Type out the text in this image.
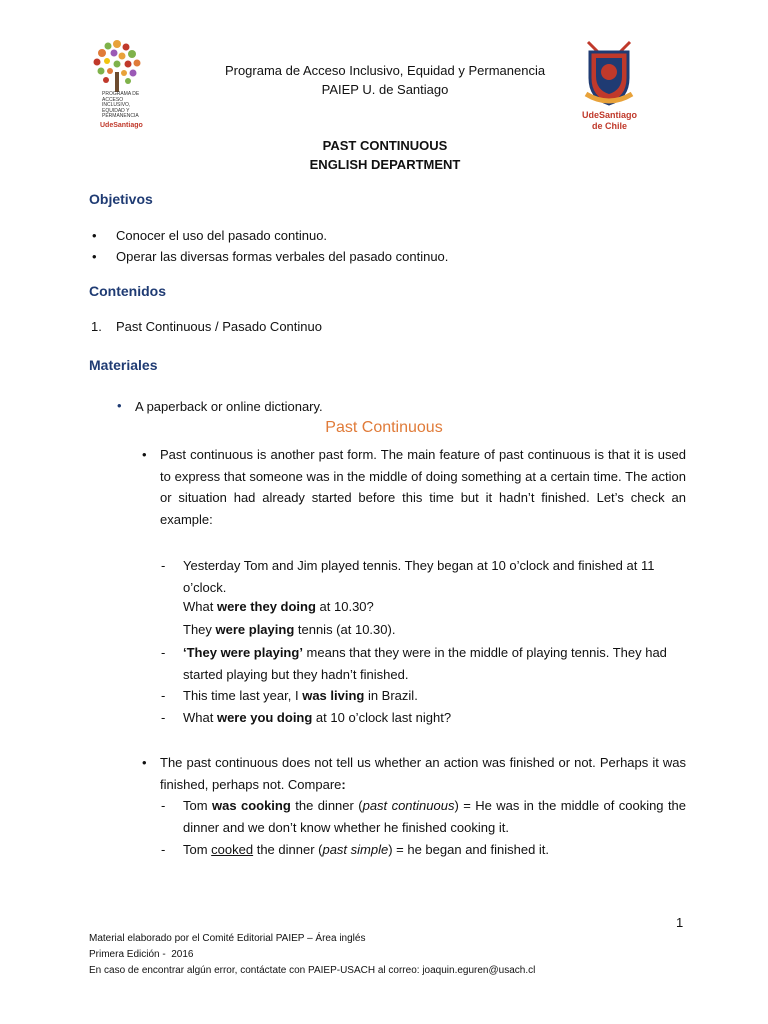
PROGRAMA DE
ACCESO
INCLUSIVO,
EQUIDAD Y
PERMANENCIA
UdeSantiago
Programa de Acceso Inclusivo, Equidad y Permanencia
PAIEP U. de Santiago
UdeSantiago
de Chile
PAST CONTINUOUS
ENGLISH DEPARTMENT
Objetivos
• Conocer el uso del pasado continuo.
• Operar las diversas formas verbales del pasado continuo.
Contenidos
1. Past Continuous / Pasado Continuo
Materiales
• A paperback or online dictionary.
Past Continuous
• Past continuous is another past form. The main feature of past continuous is that it is used to express that someone was in the middle of doing something at a certain time. The action or situation had already started before this time but it hadn’t finished. Let’s check an example:
- Yesterday Tom and Jim played tennis. They began at 10 o’clock and finished at 11 o’clock.
What were they doing at 10.30?
They were playing tennis (at 10.30).
- ‘They were playing’ means that they were in the middle of playing tennis. They had started playing but they hadn’t finished.
- This time last year, I was living in Brazil.
- What were you doing at 10 o’clock last night?
• The past continuous does not tell us whether an action was finished or not. Perhaps it was finished, perhaps not. Compare:
- Tom was cooking the dinner (past continuous) = He was in the middle of cooking the dinner and we don’t know whether he finished cooking it.
- Tom cooked the dinner (past simple) = he began and finished it.
1
Material elaborado por el Comité Editorial PAIEP – Área inglés
Primera Edición -  2016
En caso de encontrar algún error, contáctate con PAIEP-USACH al correo: joaquin.eguren@usach.cl
